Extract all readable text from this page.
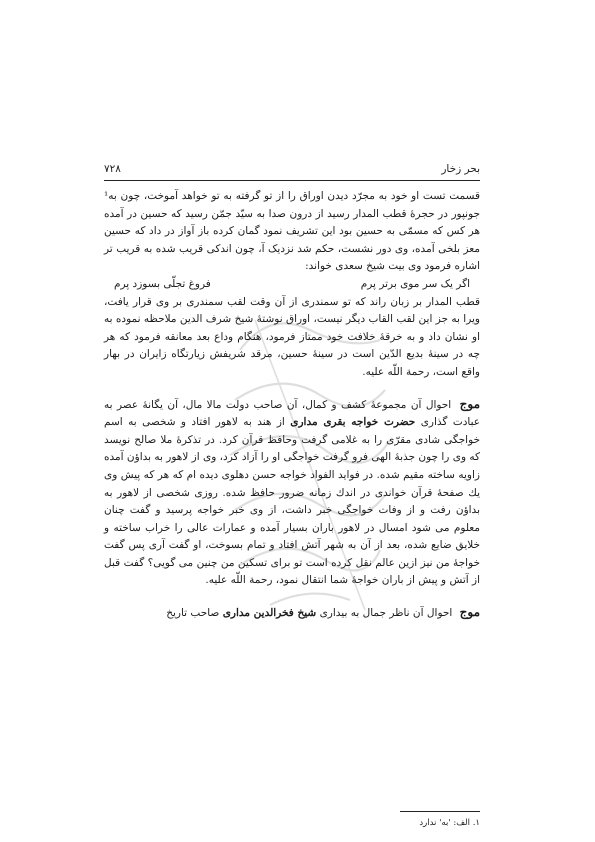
۷۲۸	بحر زخار

قسمت تست او خود به مجرّد دیدن اوراق را از تو گرفته به تو خواهد آموخت، چون به¹ جونپور در حجرهٔ قطب المدار رسید از درون صدا به سیّد جمّن رسید که حسین در آمده هر کس که مسمّی به حسین بود این تشریف نمود گمان کرده باز آواز در داد که حسین معز بلخی آمده، وی دور نشست، حکم شد نزدیک آ، چون اندکی قریب شده به قریب تر اشاره فرمود وی بیت شیخ سعدی خواند:

اگر یک سر موی برتر پرم
فروغ تجلّی بسوزد پرم

قطب المدار بر زبان راند که تو سمندری از آن وقت لقب سمندری بر وی قرار یافت، ویرا به جز این لقب القاب دیگر نیست، اوراق نوشتهٔ شیخ شرف الدین ملاحظه نموده به او نشان داد و به خرقهٔ خلافت خود ممتاز فرمود، هنگام وداع بعد معانقه فرمود که هر چه در سینهٔ بدیع الدّین است در سینهٔ حسین، مرقد شریفش زیارتگاه زایران در بهار واقع است، رحمة اللّه علیه.

موج احوال آن مجموعهٔ کشف و کمال، آن صاحب دولت مالا مال، آن یگانهٔ عصر به عبادت گذاری حضرت خواجه بقری مداری از هند به لاهور افتاد و شخصی به اسم خواجگی شادی مقرّی را به غلامی گرفت وحافظ قرآن کرد. در تذکرهٔ ملا صالح نویسد که وی را چون جذبهٔ الهی فرو گرفت خواجگی او را آزاد کرد، وی از لاهور به بداؤن آمده زاویه ساخته مقیم شده. در فواید الفواد خواجه حسن دهلوی دیده ام که هر که پیش وی یك صفحهٔ قرآن خواندی در اندك زمانه ضرور حافظ شده. روزی شخصی از لاهور به بداؤن رفت و از وفات خواجگی خبر داشت، از وی خبر خواجه پرسید و گفت چنان معلوم می شود امسال در لاهور باران بسیار آمده و عمارات عالی را خراب ساخته و خلایق ضایع شده، بعد از آن به شهر آتش افتاد و تمام بسوخت، او گفت آری پس گفت خواجهٔ من نیز ازین عالم نقل کرده است تو برای تسکین من چنین می گویی؟ گفت قبل از آتش و پیش از باران خواجهٔ شما انتقال نمود، رحمة اللّه علیه.

موج احوال آن ناظر جمال به بیداری شیخ فخرالدین مداری صاحب تاریخ

۱. الف: 'به' ندارد
